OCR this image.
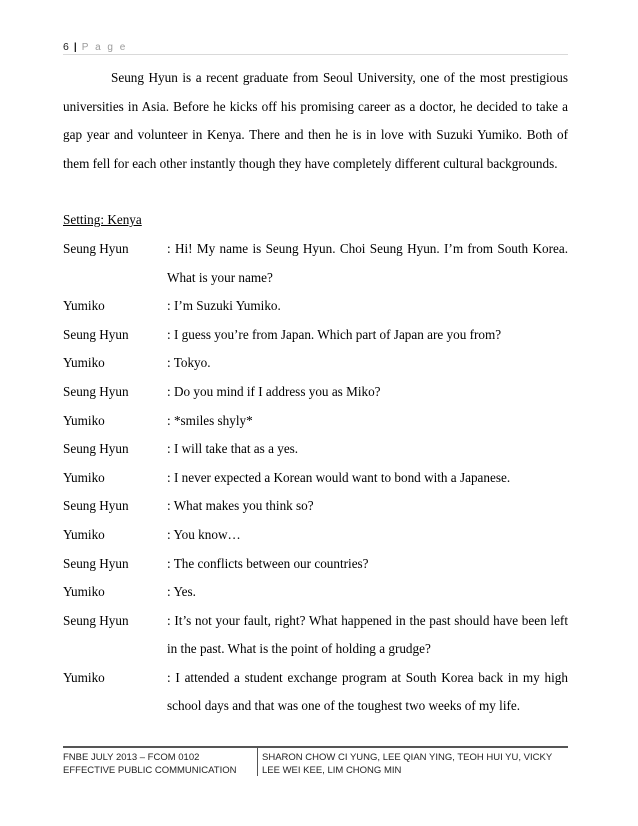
6 | P a g e

Seung Hyun is a recent graduate from Seoul University, one of the most prestigious universities in Asia. Before he kicks off his promising career as a doctor, he decided to take a gap year and volunteer in Kenya. There and then he is in love with Suzuki Yumiko. Both of them fell for each other instantly though they have completely different cultural backgrounds.

Setting: Kenya
Seung Hyun	: Hi! My name is Seung Hyun. Choi Seung Hyun. I’m from South Korea. What is your name?
Yumiko	: I’m Suzuki Yumiko.
Seung Hyun	: I guess you’re from Japan. Which part of Japan are you from?
Yumiko	: Tokyo.
Seung Hyun	: Do you mind if I address you as Miko?
Yumiko	: *smiles shyly*
Seung Hyun	: I will take that as a yes.
Yumiko	: I never expected a Korean would want to bond with a Japanese.
Seung Hyun	: What makes you think so?
Yumiko	: You know…
Seung Hyun	: The conflicts between our countries?
Yumiko	: Yes.
Seung Hyun	: It’s not your fault, right? What happened in the past should have been left in the past. What is the point of holding a grudge?
Yumiko	: I attended a student exchange program at South Korea back in my high school days and that was one of the toughest two weeks of my life.
FNBE JULY 2013 – FCOM 0102
EFFECTIVE PUBLIC COMMUNICATION
SHARON CHOW CI YUNG, LEE QIAN YING, TEOH HUI YU, VICKY
LEE WEI KEE, LIM CHONG MIN
